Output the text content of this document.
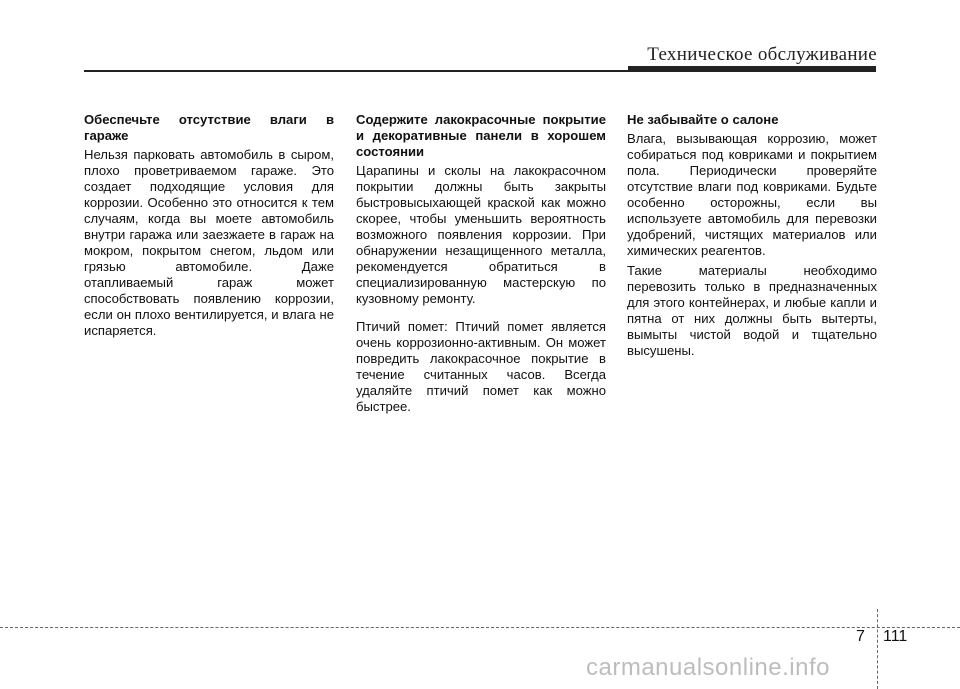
Техническое обслуживание
Обеспечьте отсутствие влаги в гараже
Нельзя парковать автомобиль в сыром, плохо проветриваемом гараже. Это создает подходящие условия для коррозии. Особенно это относится к тем случаям, когда вы моете автомобиль внутри гаража или заезжаете в гараж на мокром, покрытом снегом, льдом или грязью автомобиле. Даже отапливаемый гараж может способствовать появлению коррозии, если он плохо вентилируется, и влага не испаряется.
Содержите лакокрасочные покрытие и декоративные панели в хорошем состоянии
Царапины и сколы на лакокрасочном покрытии должны быть закрыты быстровысыхающей краской как можно скорее, чтобы уменьшить вероятность возможного появления коррозии. При обнаружении незащищенного металла, рекомендуется обратиться в специализированную мастерскую по кузовному ремонту.
Птичий помет: Птичий помет является очень коррозионно-активным. Он может повредить лакокрасочное покрытие в течение считанных часов. Всегда удаляйте птичий помет как можно быстрее.
Не забывайте о салоне
Влага, вызывающая коррозию, может собираться под ковриками и покрытием пола. Периодически проверяйте отсутствие влаги под ковриками. Будьте особенно осторожны, если вы используете автомобиль для перевозки удобрений, чистящих материалов или химических реагентов.
Такие материалы необходимо перевозить только в предназначенных для этого контейнерах, и любые капли и пятна от них должны быть вытерты, вымыты чистой водой и тщательно высушены.
7 111
carmanualsonline.info
